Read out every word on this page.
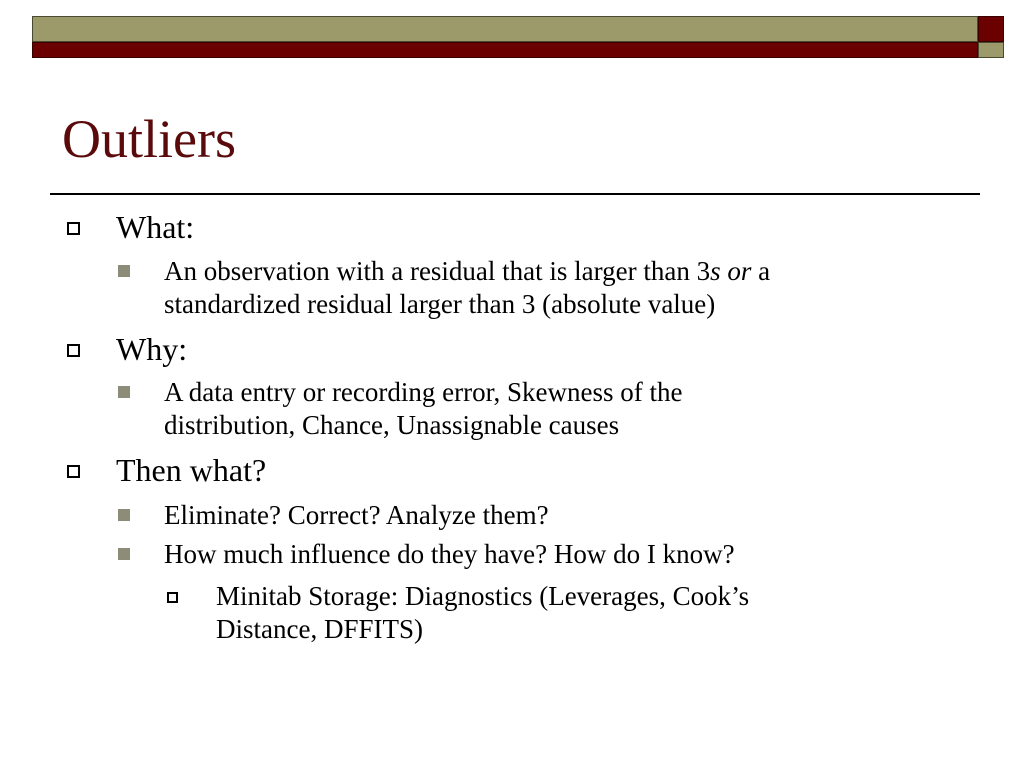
Outliers
What:
An observation with a residual that is larger than 3s or a
standardized residual larger than 3 (absolute value)
Why:
A data entry or recording error, Skewness of the
distribution, Chance, Unassignable causes
Then what?
Eliminate? Correct? Analyze them?
How much influence do they have? How do I know?
Minitab Storage: Diagnostics (Leverages, Cook’s
Distance, DFFITS)
